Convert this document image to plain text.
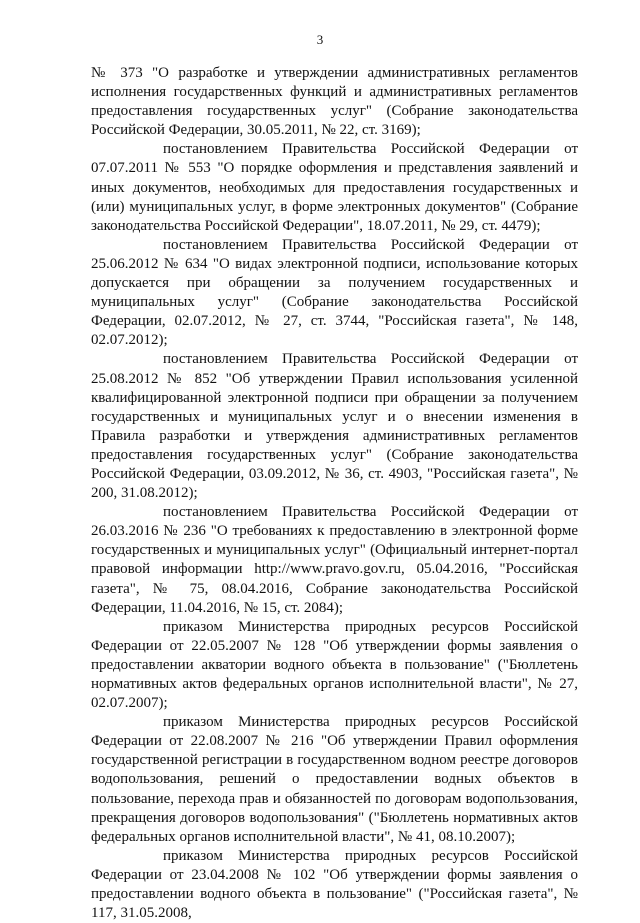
3

№ 373 "О разработке и утверждении административных регламентов исполнения государственных функций и административных регламентов предоставления государственных услуг" (Собрание законодательства Российской Федерации, 30.05.2011, № 22, ст. 3169);

постановлением Правительства Российской Федерации от 07.07.2011 № 553 "О порядке оформления и представления заявлений и иных документов, необходимых для предоставления государственных и (или) муниципальных услуг, в форме электронных документов" (Собрание законодательства Российской Федерации", 18.07.2011, № 29, ст. 4479);

постановлением Правительства Российской Федерации от 25.06.2012 № 634 "О видах электронной подписи, использование которых допускается при обращении за получением государственных и муниципальных услуг" (Собрание законодательства Российской Федерации, 02.07.2012, № 27, ст. 3744, "Российская газета", № 148, 02.07.2012);

постановлением Правительства Российской Федерации от 25.08.2012 № 852 "Об утверждении Правил использования усиленной квалифицированной электронной подписи при обращении за получением государственных и муниципальных услуг и о внесении изменения в Правила разработки и утверждения административных регламентов предоставления государственных услуг" (Собрание законодательства Российской Федерации, 03.09.2012, № 36, ст. 4903, "Российская газета", № 200, 31.08.2012);

постановлением Правительства Российской Федерации от 26.03.2016 № 236 "О требованиях к предоставлению в электронной форме государственных и муниципальных услуг" (Официальный интернет-портал правовой информации http://www.pravo.gov.ru, 05.04.2016, "Российская газета", № 75, 08.04.2016, Собрание законодательства Российской Федерации, 11.04.2016, № 15, ст. 2084);

приказом Министерства природных ресурсов Российской Федерации от 22.05.2007 № 128 "Об утверждении формы заявления о предоставлении акватории водного объекта в пользование" ("Бюллетень нормативных актов федеральных органов исполнительной власти", № 27, 02.07.2007);

приказом Министерства природных ресурсов Российской Федерации от 22.08.2007 № 216 "Об утверждении Правил оформления государственной регистрации в государственном водном реестре договоров водопользования, решений о предоставлении водных объектов в пользование, перехода прав и обязанностей по договорам водопользования, прекращения договоров водопользования" ("Бюллетень нормативных актов федеральных органов исполнительной власти", № 41, 08.10.2007);

приказом Министерства природных ресурсов Российской Федерации от 23.04.2008 № 102 "Об утверждении формы заявления о предоставлении водного объекта в пользование" ("Российская газета", № 117, 31.05.2008,
